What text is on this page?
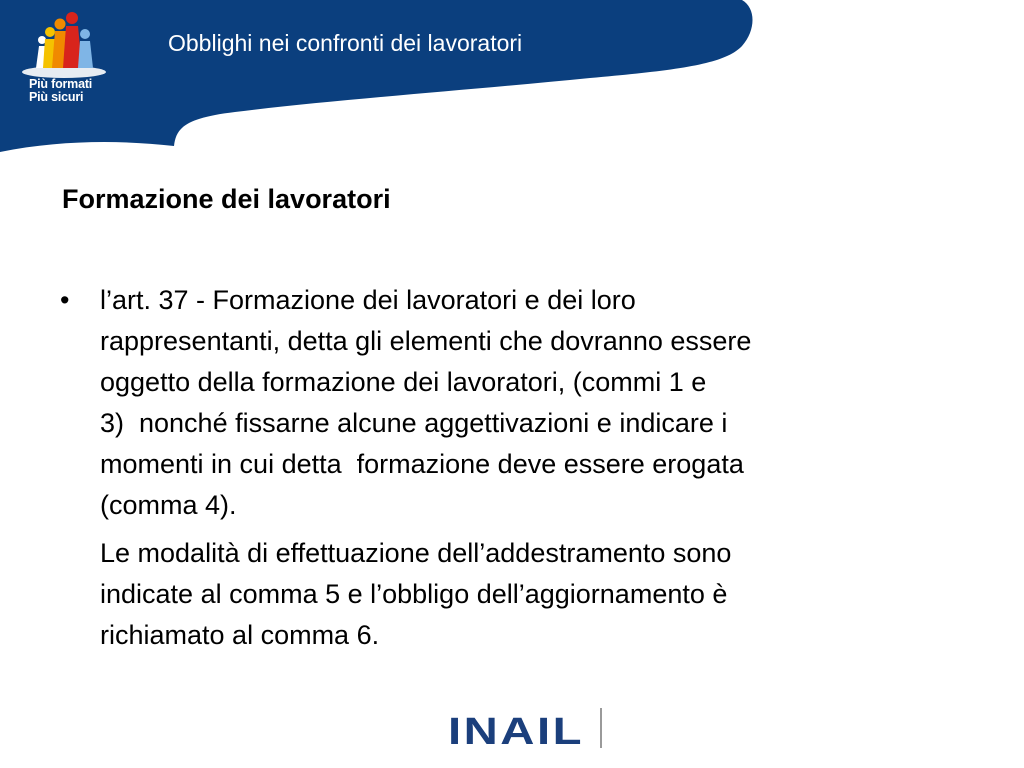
Più formati
Più sicuri
Obblighi nei confronti dei lavoratori
Formazione dei lavoratori
• l’art. 37 - Formazione dei lavoratori e dei loro
rappresentanti, detta gli elementi che dovranno essere
oggetto della formazione dei lavoratori, (commi 1 e
3)  nonché fissarne alcune aggettivazioni e indicare i
momenti in cui detta  formazione deve essere erogata
(comma 4).

Le modalità di effettuazione dell’addestramento sono
indicate al comma 5 e l’obbligo dell’aggiornamento è
richiamato al comma 6.

INAIL
